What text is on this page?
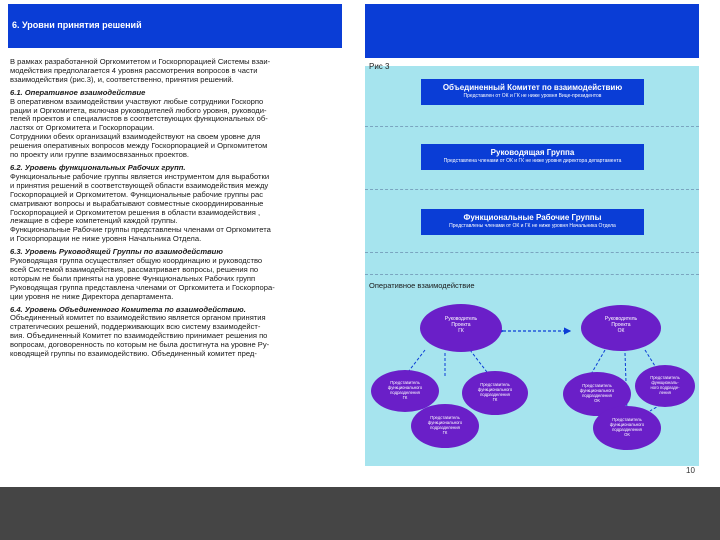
6. Уровни принятия решений
В рамках разработанной Оргкомитетом и Госкорпорацией Системы взаи-
модействия предполагается 4 уровня рассмотрения вопросов в части
взаимодействия (рис.3), и, соответственно, принятия решений.
6.1. Оперативное взаимодействие
В оперативном взаимодействии участвуют любые сотрудники Госкорпо
рации и Оргкомитета, включая руководителей любого уровня, руководи-
телей проектов и специалистов в соответствующих функциональных об-
ластях от Оргкомитета и Госкорпорации.
Сотрудники обеих организаций взаимодействуют на своем уровне для
решения оперативных вопросов между Госкорпорацией и Оргкомитетом
по проекту или группе взаимосвязанных проектов.
6.2. Уровень функциональных Рабочих групп.
Функциональные рабочие группы является инструментом для выработки
и принятия решений в соответствующей области взаимодействия между
Госкорпорацией и Оргкомитетом. Функциональные рабочие группы рас
сматривают вопросы и вырабатывают совместные скоординированные
Госкорпорацией и Оргкомитетом решения в области взаимодействия ,
лежащие в сфере компетенций каждой группы.
Функциональные Рабочие группы представлены членами от Оргкомитета
и Госкорпорации не ниже уровня Начальника Отдела.
6.3. Уровень Руководящей Группы по взаимодействию
Руководящая группа осуществляет общую координацию и руководство
всей Системой взаимодействия, рассматривает вопросы, решения по
которым не были приняты на уровне Функциональных Рабочих групп
Руководящая группа представлена членами от Оргкомитета и Госкорпора-
ции уровня не ниже Директора департамента.
6.4. Уровень Объединенного Комитета по взаимодействию.
Объединенный комитет по взаимодействию является органом принятия
стратегических решений, поддерживающих всю систему взаимодейст-
вия. Объединенный Комитет по взаимодействию принимает решения по
вопросам, договоренность по которым не была достигнута на уровне Ру-
ководящей группы по взаимодействию. Объединенный комитет пред-
Объединенный Комитет по взаимодействию
Представлен от ОК и ГК не ниже уровня Вице-президентов
Руководящая Группа
Представлена членами от ОК и ГК не ниже уровня директора департамента
Функциональные Рабочие Группы
Представлены членами от ОК и ГК не ниже уровня Начальника Отдела
Руководитель
Проекта
ГК
Руководитель
Проекта
ОК
Представитель
функционального
подразделения
ГК
Представитель
функционального
подразделения
ГК
Представитель
функционального
подразделения
ГК
Представитель
функционального
подразделения
ОК
Представитель
функциональ-
ного подразде-
ления
Представитель
функционального
подразделения
ОК
Рис 3
Оперативное взаимодействие
10
